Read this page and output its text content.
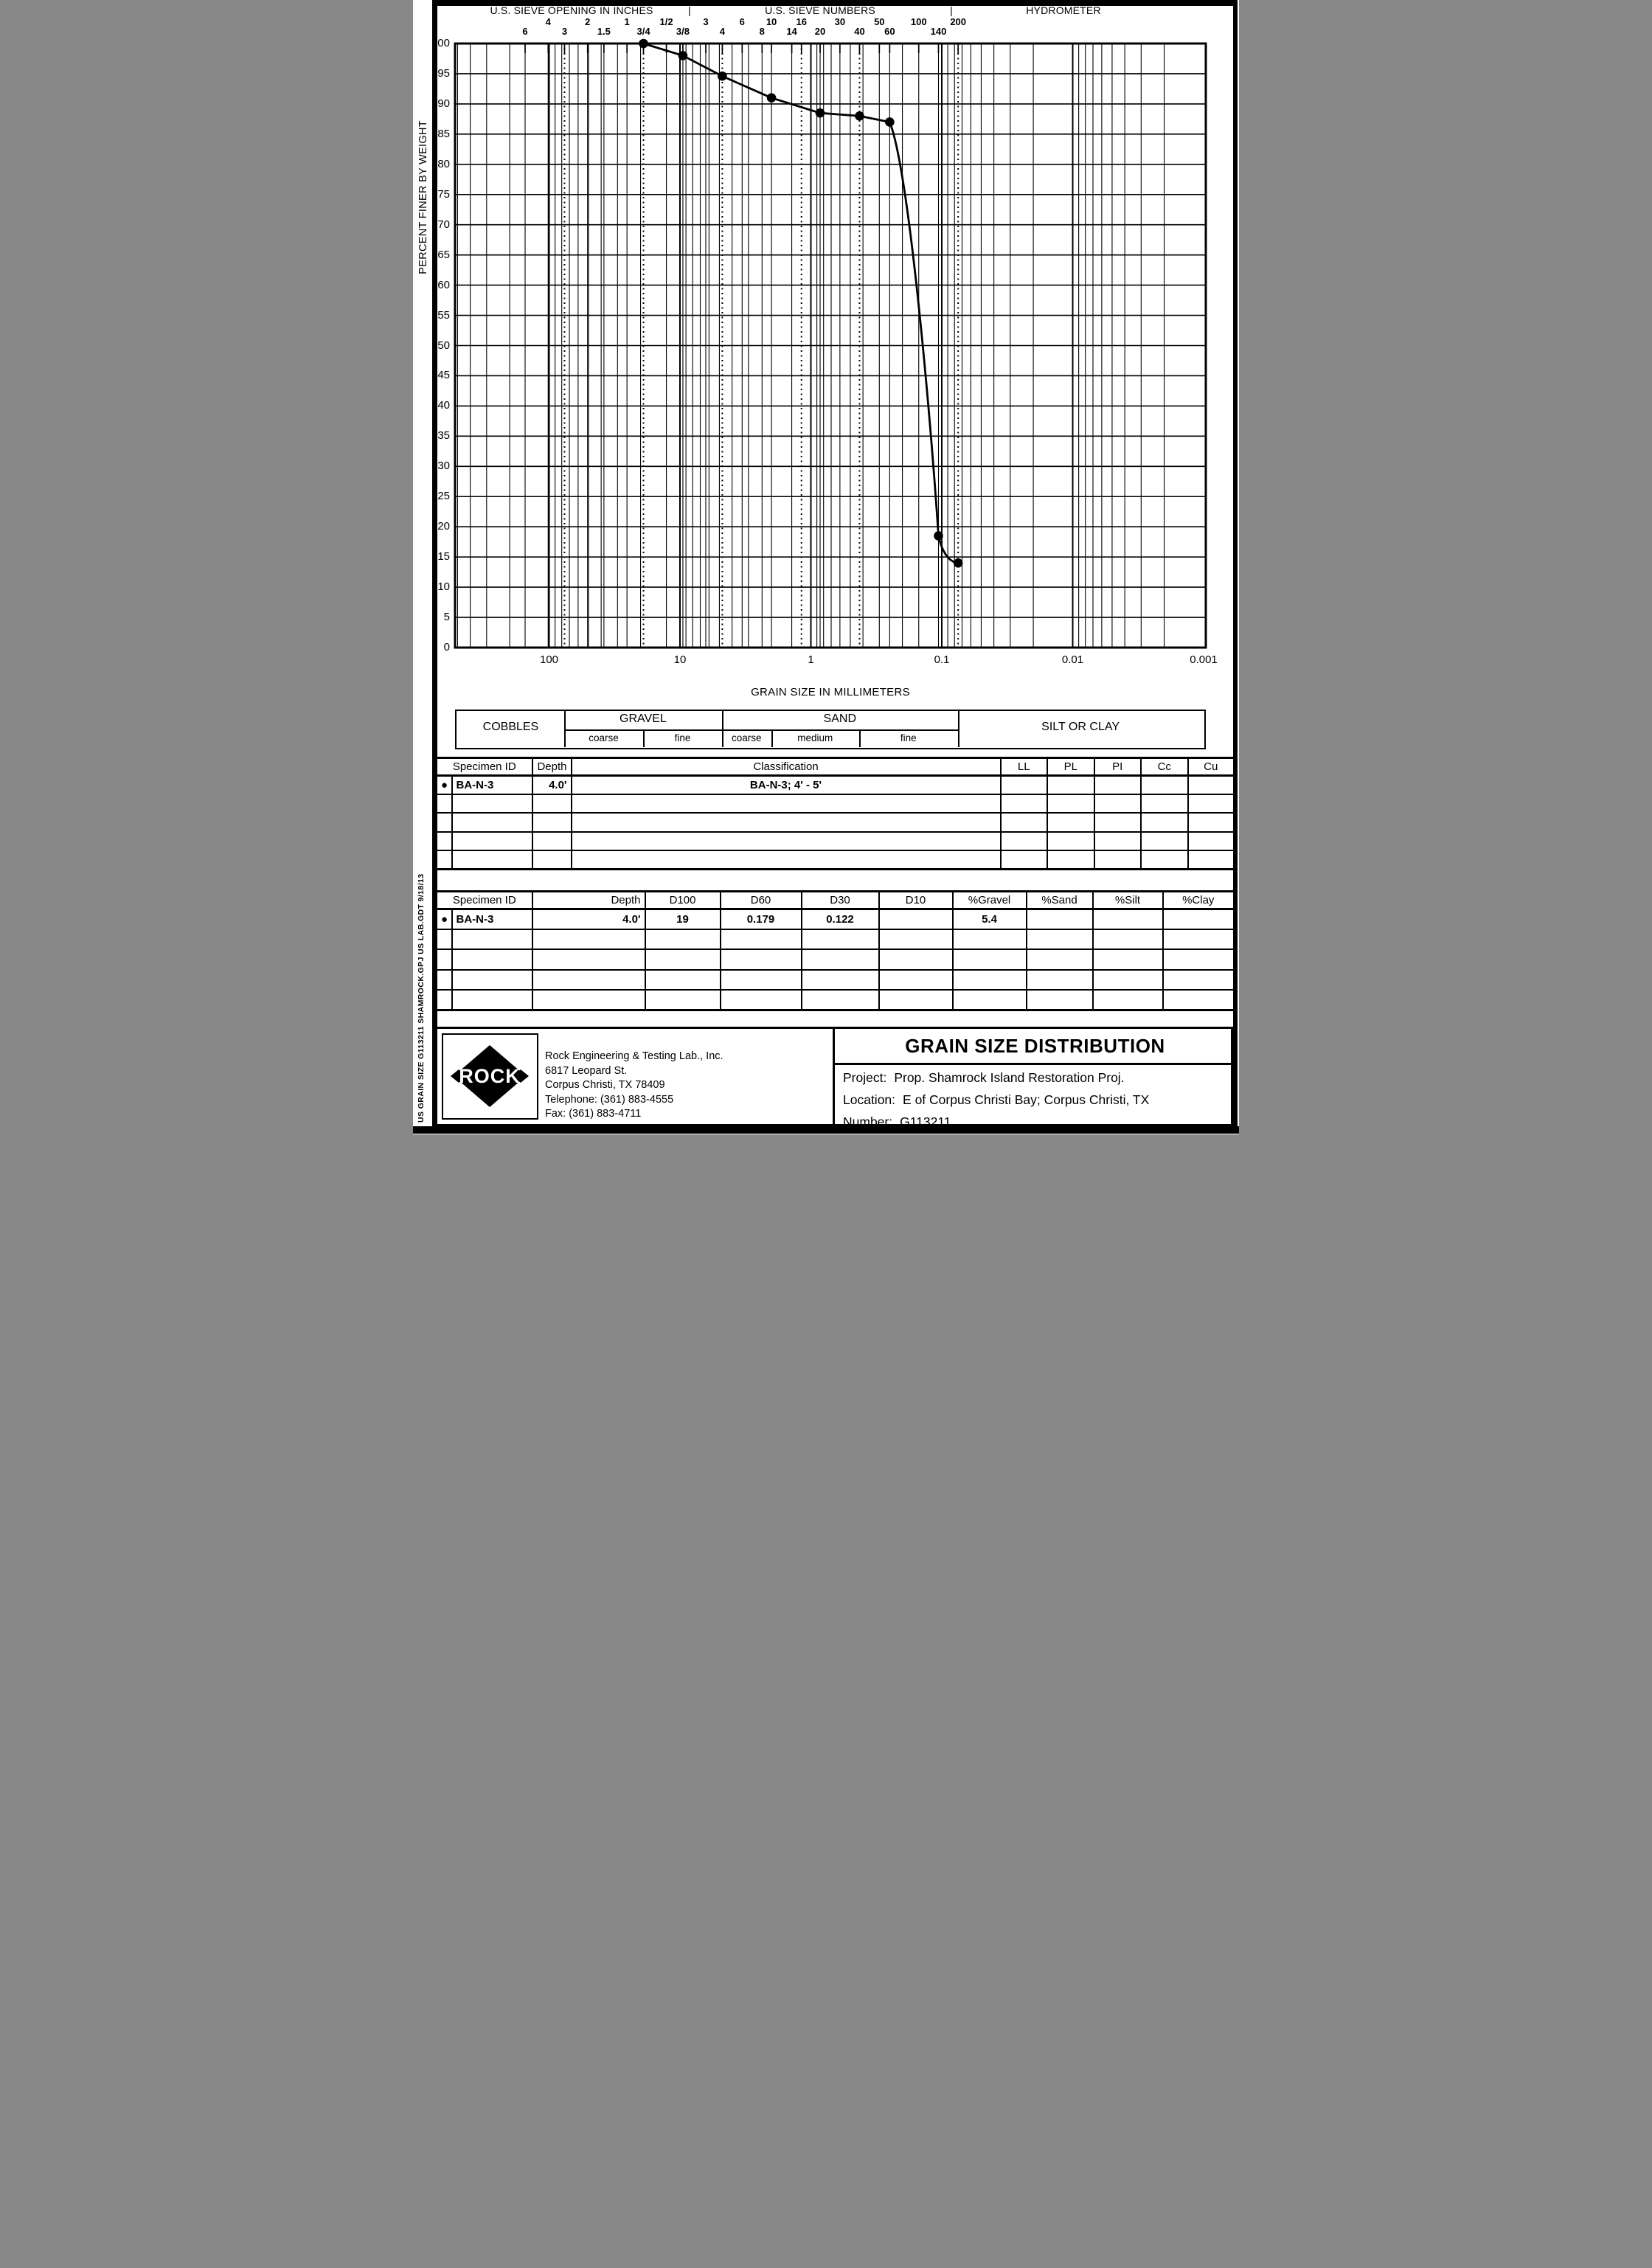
US GRAIN SIZE G113211 SHAMROCK.GPJ US LAB.GDT 9/18/13
U.S. SIEVE OPENING IN INCHES	|	U.S. SIEVE NUMBERS	|	HYDROMETER
6
4
3
2
1.5
1
3/4
1/2
3/8
3
4
6
8
10
14
16
20
30
40
50
60
100
140
200
100
95
90
85
80
75
70
65
60
55
50
45
40
35
30
25
20
15
10
5
0
100	10	1	0.1	0.01	0.001
PERCENT FINER BY WEIGHT
GRAIN SIZE IN MILLIMETERS
COBBLES
GRAVEL
coarse	fine
SAND
coarse	medium	fine
SILT OR CLAY
Specimen ID		Depth	Classification	LL	PL	PI	Cc	Cu
●	BA-N-3	4.0'	BA-N-3; 4' - 5'					

Specimen ID		Depth	D100	D60	D30	D10	%Gravel	%Sand	%Silt	%Clay
●	BA-N-3	4.0'	19	0.179	0.122		5.4			

ROCK
Rock Engineering & Testing Lab., Inc.
6817 Leopard St.
Corpus Christi, TX 78409
Telephone: (361) 883-4555
Fax: (361) 883-4711
GRAIN SIZE DISTRIBUTION
Project: Prop. Shamrock Island Restoration Proj.
Location: E of Corpus Christi Bay; Corpus Christi, TX
Number: G113211
